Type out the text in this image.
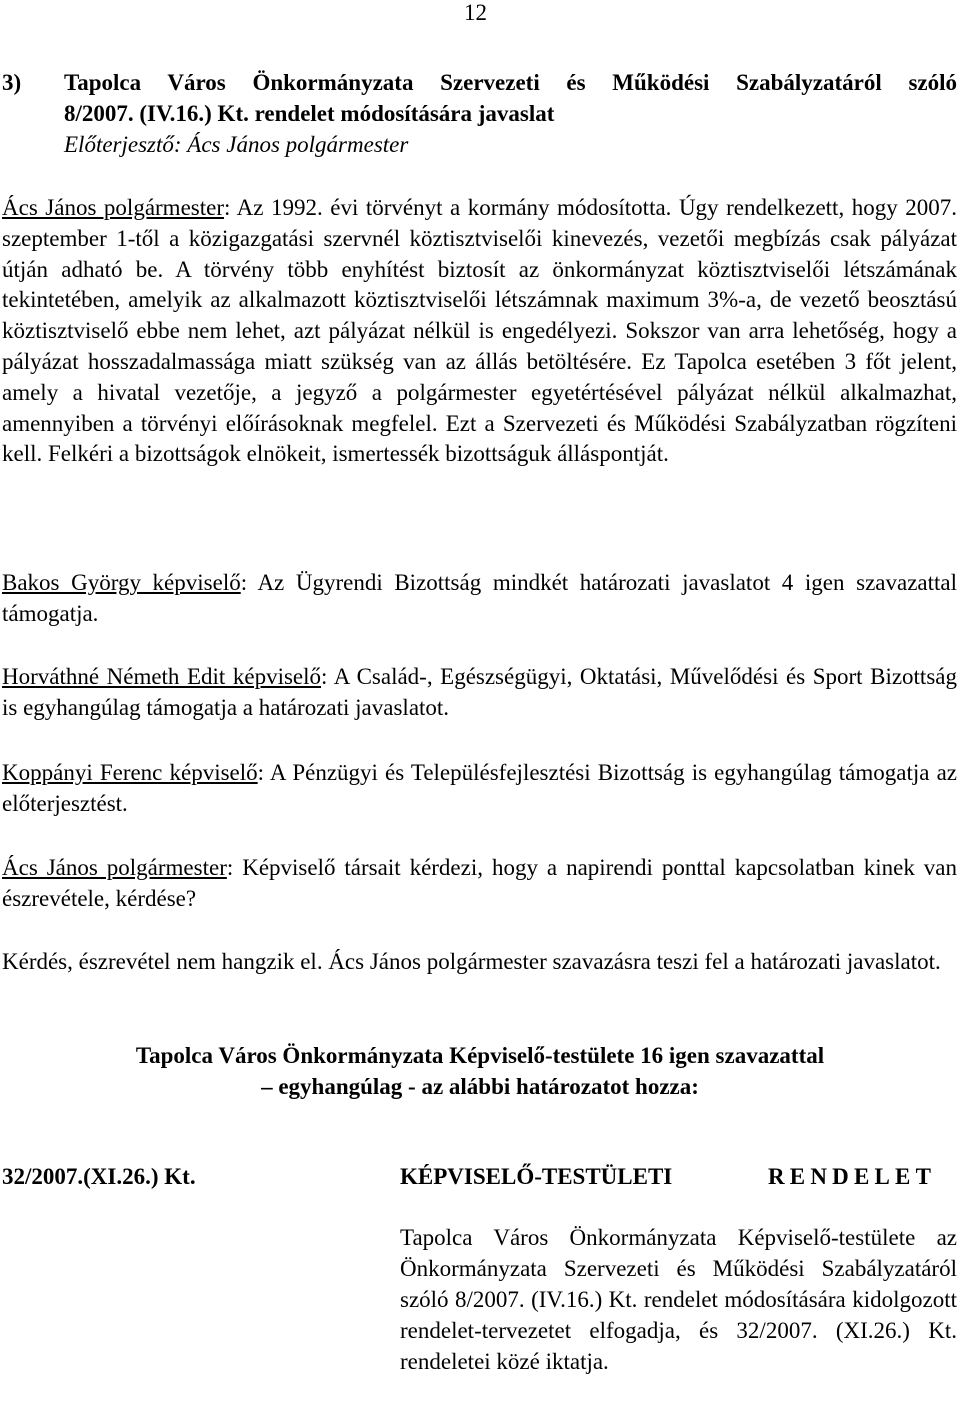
12
3)	Tapolca Város Önkormányzata Szervezeti és Működési Szabályzatáról szóló
8/2007. (IV.16.) Kt. rendelet módosítására javaslat
Előterjesztő: Ács János polgármester
Ács János polgármester: Az 1992. évi törvényt a kormány módosította. Úgy rendelkezett, hogy 2007. szeptember 1-től a közigazgatási szervnél köztisztviselői kinevezés, vezetői megbízás csak pályázat útján adható be. A törvény több enyhítést biztosít az önkormányzat köztisztviselői létszámának tekintetében, amelyik az alkalmazott köztisztviselői létszámnak maximum 3%-a, de vezető beosztású köztisztviselő ebbe nem lehet, azt pályázat nélkül is engedélyezi. Sokszor van arra lehetőség, hogy a pályázat hosszadalmassága miatt szükség van az állás betöltésére. Ez Tapolca esetében 3 főt jelent, amely a hivatal vezetője, a jegyző a polgármester egyetértésével pályázat nélkül alkalmazhat, amennyiben a törvényi előírásoknak megfelel. Ezt a Szervezeti és Működési Szabályzatban rögzíteni kell. Felkéri a bizottságok elnökeit, ismertessék bizottságuk álláspontját.
Bakos György képviselő: Az Ügyrendi Bizottság mindkét határozati javaslatot 4 igen szavazattal támogatja.
Horváthné Németh Edit képviselő: A Család-, Egészségügyi, Oktatási, Művelődési és Sport Bizottság is egyhangúlag támogatja a határozati javaslatot.
Koppányi Ferenc képviselő: A Pénzügyi és Településfejlesztési Bizottság is egyhangúlag támogatja az előterjesztést.
Ács János polgármester: Képviselő társait kérdezi, hogy a napirendi ponttal kapcsolatban kinek van észrevétele, kérdése?
Kérdés, észrevétel nem hangzik el. Ács János polgármester szavazásra teszi fel a határozati javaslatot.
Tapolca Város Önkormányzata Képviselő-testülete 16 igen szavazattal
– egyhangúlag - az alábbi határozatot hozza:
32/2007.(XI.26.) Kt.	KÉPVISELŐ-TESTÜLETI	RENDELET
Tapolca Város Önkormányzata Képviselő-testülete az Önkormányzata Szervezeti és Működési Szabályzatáról szóló 8/2007. (IV.16.) Kt. rendelet módosítására kidolgozott rendelet-tervezetet elfogadja, és 32/2007. (XI.26.) Kt. rendeletei közé iktatja.
